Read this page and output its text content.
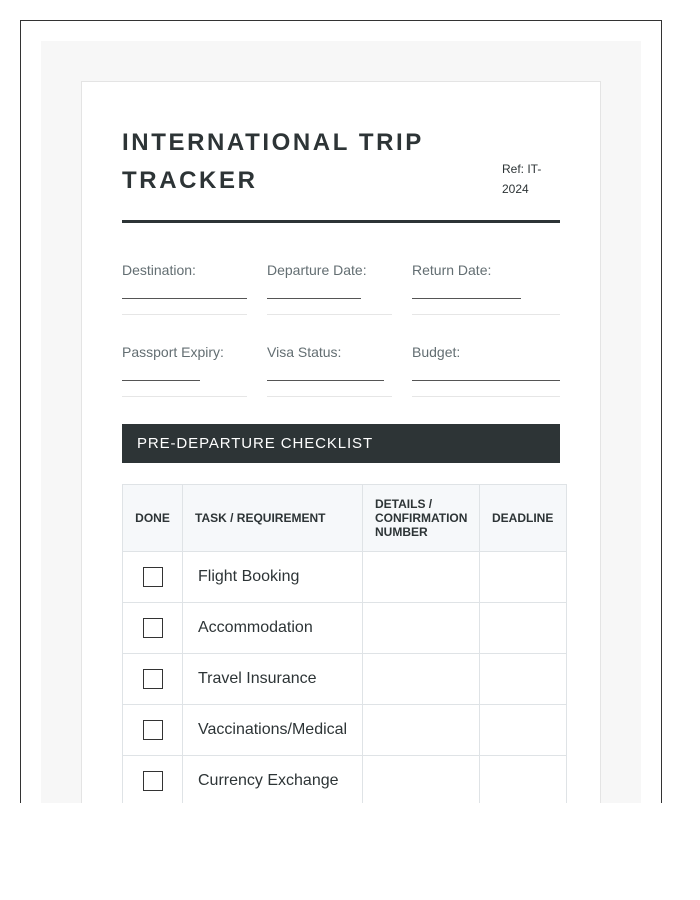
INTERNATIONAL TRIP
TRACKER	Ref: IT-
2024
Destination:	Departure Date:	Return Date:
Passport Expiry:	Visa Status:	Budget:
PRE-DEPARTURE CHECKLIST
DONE	TASK / REQUIREMENT	DETAILS /
CONFIRMATION
NUMBER	DEADLINE

	Flight Booking		
	Accommodation		
	Travel Insurance		
	Vaccinations/Medical		
	Currency Exchange		
